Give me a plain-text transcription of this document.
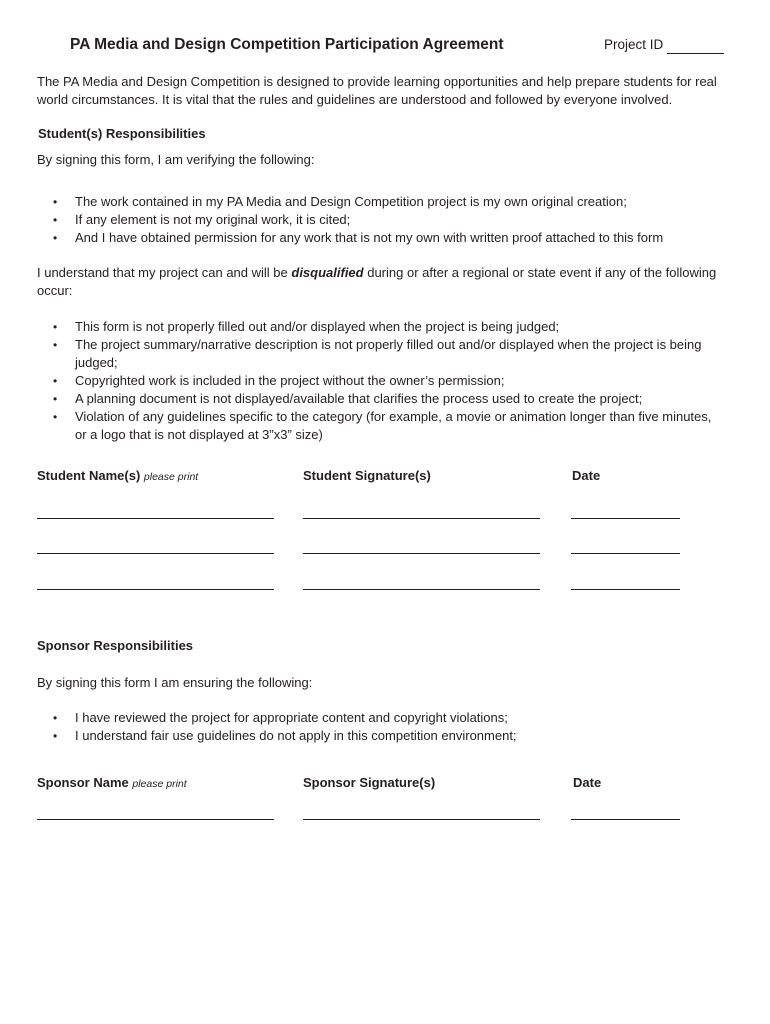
PA Media and Design Competition Participation Agreement	Project ID
The PA Media and Design Competition is designed to provide learning opportunities and help prepare students for real world circumstances. It is vital that the rules and guidelines are understood and followed by everyone involved.
Student(s) Responsibilities
By signing this form, I am verifying the following:
• The work contained in my PA Media and Design Competition project is my own original creation;
• If any element is not my original work, it is cited;
• And I have obtained permission for any work that is not my own with written proof attached to this form
I understand that my project can and will be disqualified during or after a regional or state event if any of the following occur:
• This form is not properly filled out and/or displayed when the project is being judged;
• The project summary/narrative description is not properly filled out and/or displayed when the project is being judged;
• Copyrighted work is included in the project without the owner’s permission;
• A planning document is not displayed/available that clarifies the process used to create the project;
• Violation of any guidelines specific to the category (for example, a movie or animation longer than five minutes, or a logo that is not displayed at 3”x3” size)
Student Name(s) please print	Student Signature(s)	Date
Sponsor Responsibilities
By signing this form I am ensuring the following:
• I have reviewed the project for appropriate content and copyright violations;
• I understand fair use guidelines do not apply in this competition environment;
Sponsor Name please print	Sponsor Signature(s)	Date
